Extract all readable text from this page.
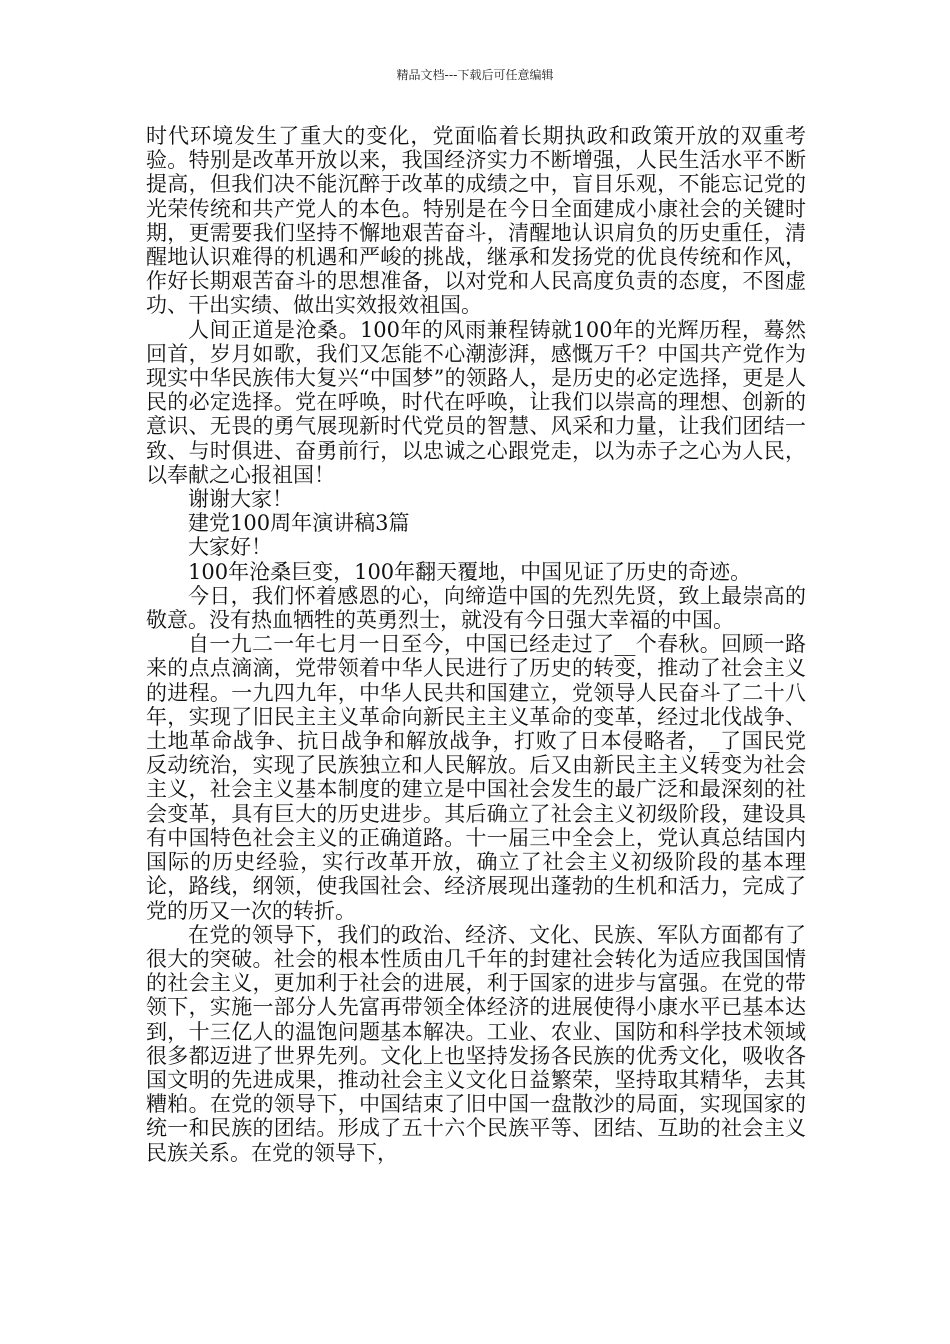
精品文档---下载后可任意编辑

时代环境发生了重大的变化，党面临着长期执政和政策开放的双重考验。特别是改革开放以来，我国经济实力不断增强，人民生活水平不断提高，但我们决不能沉醉于改革的成绩之中，盲目乐观，不能忘记党的光荣传统和共产党人的本色。特别是在今日全面建成小康社会的关键时期，更需要我们坚持不懈地艰苦奋斗，清醒地认识肩负的历史重任，清醒地认识难得的机遇和严峻的挑战，继承和发扬党的优良传统和作风，作好长期艰苦奋斗的思想准备，以对党和人民高度负责的态度，不图虚功、干出实绩、做出实效报效祖国。

人间正道是沧桑。100年的风雨兼程铸就100年的光辉历程，蓦然回首，岁月如歌，我们又怎能不心潮澎湃，感慨万千？中国共产党作为现实中华民族伟大复兴“中国梦”的领路人，是历史的必定选择，更是人民的必定选择。党在呼唤，时代在呼唤，让我们以崇高的理想、创新的意识、无畏的勇气展现新时代党员的智慧、风采和力量，让我们团结一致、与时俱进、奋勇前行，以忠诚之心跟党走，以为赤子之心为人民，以奉献之心报祖国！

谢谢大家！

建党100周年演讲稿3篇

大家好！

100年沧桑巨变，100年翻天覆地，中国见证了历史的奇迹。

今日，我们怀着感恩的心，向缔造中国的先烈先贤，致上最崇高的敬意。没有热血牺牲的英勇烈士，就没有今日强大幸福的中国。

自一九二一年七月一日至今，中国已经走过了__个春秋。回顾一路来的点点滴滴，党带领着中华人民进行了历史的转变，推动了社会主义的进程。一九四九年，中华人民共和国建立，党领导人民奋斗了二十八年，实现了旧民主主义革命向新民主主义革命的变革，经过北伐战争、土地革命战争、抗日战争和解放战争，打败了日本侵略者，_了国民党反动统治，实现了民族独立和人民解放。后又由新民主主义转变为社会主义，社会主义基本制度的建立是中国社会发生的最广泛和最深刻的社会变革，具有巨大的历史进步。其后确立了社会主义初级阶段，建设具有中国特色社会主义的正确道路。十一届三中全会上，党认真总结国内国际的历史经验，实行改革开放，确立了社会主义初级阶段的基本理论，路线，纲领，使我国社会、经济展现出蓬勃的生机和活力，完成了党的历又一次的转折。

在党的领导下，我们的政治、经济、文化、民族、军队方面都有了很大的突破。社会的根本性质由几千年的封建社会转化为适应我国国情的社会主义，更加利于社会的进展，利于国家的进步与富强。在党的带领下，实施一部分人先富再带领全体经济的进展使得小康水平已基本达到，十三亿人的温饱问题基本解决。工业、农业、国防和科学技术领域很多都迈进了世界先列。文化上也坚持发扬各民族的优秀文化，吸收各国文明的先进成果，推动社会主义文化日益繁荣，坚持取其精华，去其糟粕。在党的领导下，中国结束了旧中国一盘散沙的局面，实现国家的统一和民族的团结。形成了五十六个民族平等、团结、互助的社会主义民族关系。在党的领导下，
